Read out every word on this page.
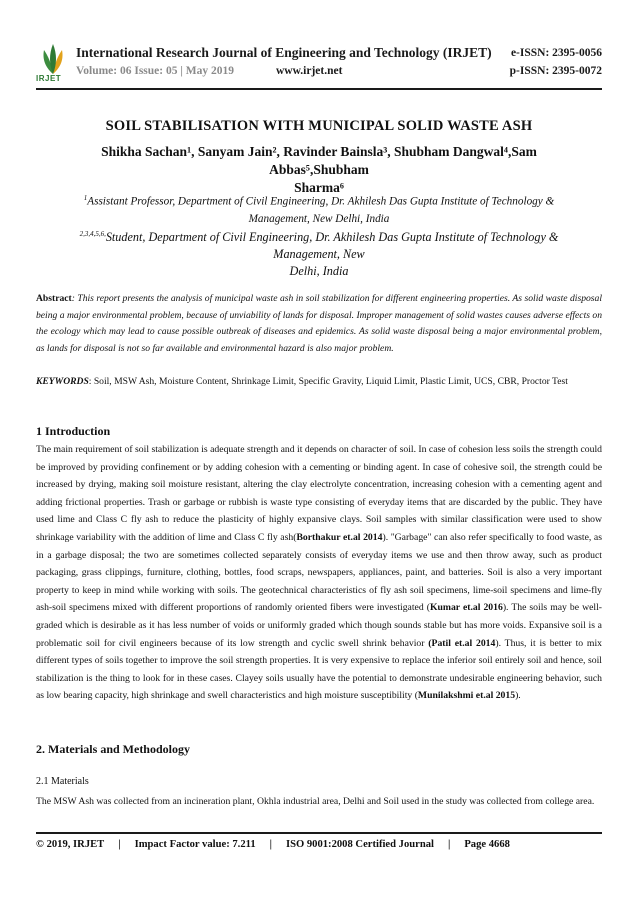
IRJET
International Research Journal of Engineering and Technology (IRJET)
Volume: 06 Issue: 05 | May 2019	www.irjet.net
e-ISSN: 2395-0056
p-ISSN: 2395-0072
SOIL STABILISATION WITH MUNICIPAL SOLID WASTE ASH
Shikha Sachan¹, Sanyam Jain², Ravinder Bainsla³, Shubham Dangwal⁴,Sam Abbas⁵,Shubham
Sharma⁶
$^1$Assistant Professor, Department of Civil Engineering, Dr. Akhilesh Das Gupta Institute of Technology & Management, New Delhi, India
$^{2,3,4,5,6,}$Student, Department of Civil Engineering, Dr. Akhilesh Das Gupta Institute of Technology & Management, New
Delhi, India
Abstract: This report presents the analysis of municipal waste ash in soil stabilization for different engineering properties. As solid waste disposal being a major environmental problem, because of unviability of lands for disposal. Improper management of solid wastes causes adverse effects on the ecology which may lead to cause possible outbreak of diseases and epidemics. As solid waste disposal being a major environmental problem, as lands for disposal is not so far available and environmental hazard is also major problem.
KEYWORDS: Soil, MSW Ash, Moisture Content, Shrinkage Limit, Specific Gravity, Liquid Limit, Plastic Limit, UCS, CBR, Proctor Test
1 Introduction
The main requirement of soil stabilization is adequate strength and it depends on character of soil. In case of cohesion less soils the strength could be improved by providing confinement or by adding cohesion with a cementing or binding agent. In case of cohesive soil, the strength could be increased by drying, making soil moisture resistant, altering the clay electrolyte concentration, increasing cohesion with a cementing agent and adding frictional properties. Trash or garbage or rubbish is waste type consisting of everyday items that are discarded by the public. They have used lime and Class C fly ash to reduce the plasticity of highly expansive clays. Soil samples with similar classification were used to show shrinkage variability with the addition of lime and Class C fly ash(Borthakur et.al 2014). "Garbage" can also refer specifically to food waste, as in a garbage disposal; the two are sometimes collected separately consists of everyday items we use and then throw away, such as product packaging, grass clippings, furniture, clothing, bottles, food scraps, newspapers, appliances, paint, and batteries. Soil is also a very important property to keep in mind while working with soils. The geotechnical characteristics of fly ash soil specimens, lime-soil specimens and lime-fly ash-soil specimens mixed with different proportions of randomly oriented fibers were investigated (Kumar et.al 2016). The soils may be well-graded which is desirable as it has less number of voids or uniformly graded which though sounds stable but has more voids. Expansive soil is a problematic soil for civil engineers because of its low strength and cyclic swell shrink behavior (Patil et.al 2014). Thus, it is better to mix different types of soils together to improve the soil strength properties. It is very expensive to replace the inferior soil entirely soil and hence, soil stabilization is the thing to look for in these cases. Clayey soils usually have the potential to demonstrate undesirable engineering behavior, such as low bearing capacity, high shrinkage and swell characteristics and high moisture susceptibility (Munilakshmi et.al 2015).
2. Materials and Methodology
2.1 Materials
The MSW Ash was collected from an incineration plant, Okhla industrial area, Delhi and Soil used in the study was collected from college area.
© 2019, IRJET | Impact Factor value: 7.211 | ISO 9001:2008 Certified Journal | Page 4668
